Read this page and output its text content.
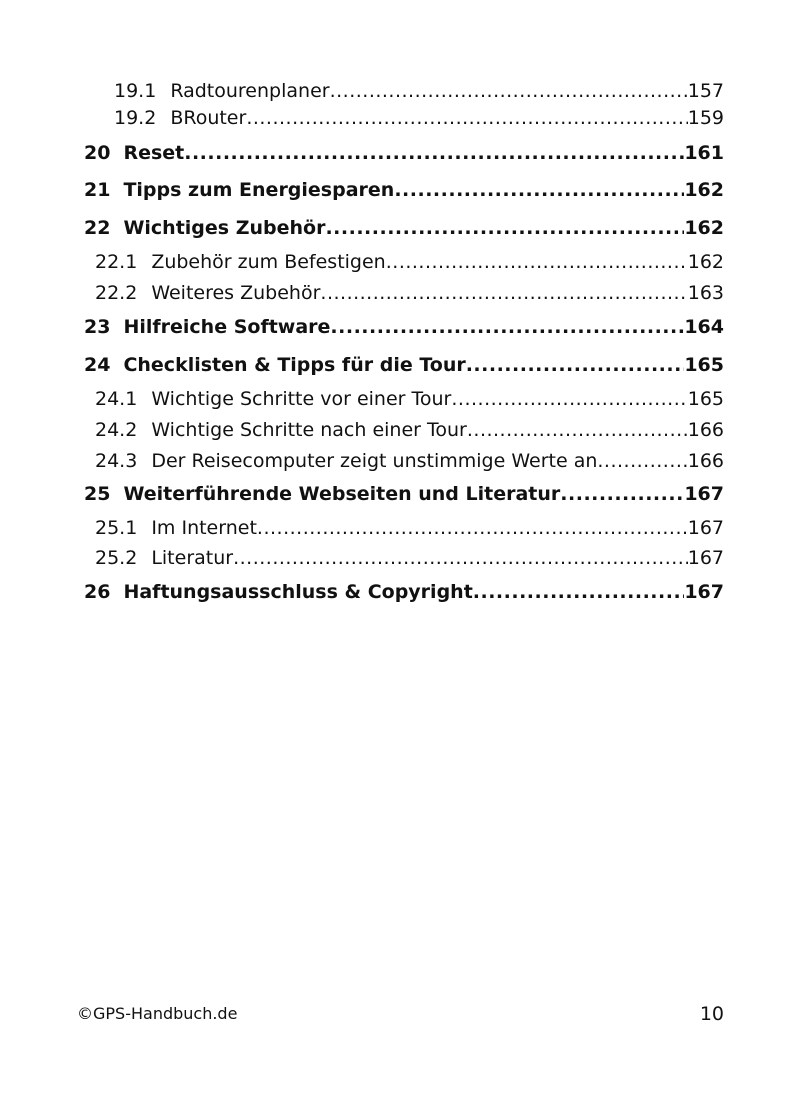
19.1 Radtourenplaner .....	157
19.2 BRouter .....	159
20 Reset .....	161
21 Tipps zum Energiesparen .....	162
22 Wichtiges Zubehör .....	162
22.1 Zubehör zum Befestigen .....	162
22.2 Weiteres Zubehör .....	163
23 Hilfreiche Software .....	164
24 Checklisten & Tipps für die Tour .....	165
24.1 Wichtige Schritte vor einer Tour .....	165
24.2 Wichtige Schritte nach einer Tour .....	166
24.3 Der Reisecomputer zeigt unstimmige Werte an .....	166
25 Weiterführende Webseiten und Literatur .....	167
25.1 Im Internet .....	167
25.2 Literatur .....	167
26 Haftungsausschluss & Copyright .....	167
©GPS-Handbuch.de	10
